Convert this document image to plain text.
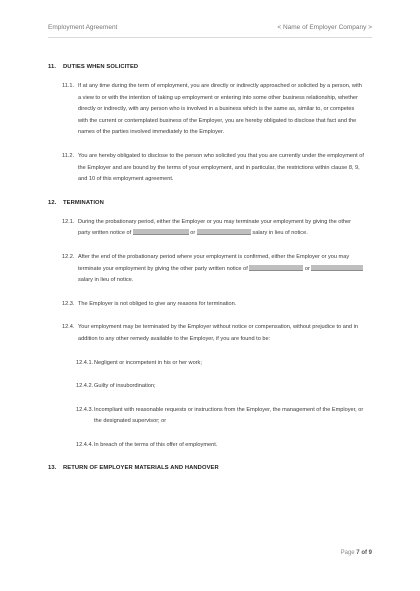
Employment Agreement	< Name of Employer Company >
11. DUTIES WHEN SOLICITED

11.1. If at any time during the term of employment, you are directly or indirectly approached or solicited by a person, with a view to or with the intention of taking up employment or entering into some other business relationship, whether directly or indirectly, with any person who is involved in a business which is the same as, similar to, or competes with the current or contemplated business of the Employer, you are hereby obligated to disclose that fact and the names of the parties involved immediately to the Employer.

11.2. You are hereby obligated to disclose to the person who solicited you that you are currently under the employment of the Employer and are bound by the terms of your employment, and in particular, the restrictions within clause 8, 9, and 10 of this employment agreement.

12. TERMINATION

12.1. During the probationary period, either the Employer or you may terminate your employment by giving the other party written notice of	or	salary in lieu of notice.

12.2. After the end of the probationary period where your employment is confirmed, either the Employer or you may terminate your employment by giving the other party written notice of	or  salary in lieu of notice.

12.3. The Employer is not obliged to give any reasons for termination.

12.4. Your employment may be terminated by the Employer without notice or compensation, without prejudice to and in addition to any other remedy available to the Employer, if you are found to be:

12.4.1. Negligent or incompetent in his or her work;

12.4.2. Guilty of insubordination;

12.4.3. Incompliant with reasonable requests or instructions from the Employer, the management of the Employer, or the designated supervisor; or

12.4.4. In breach of the terms of this offer of employment.

13. RETURN OF EMPLOYER MATERIALS AND HANDOVER
Page 7 of 9
